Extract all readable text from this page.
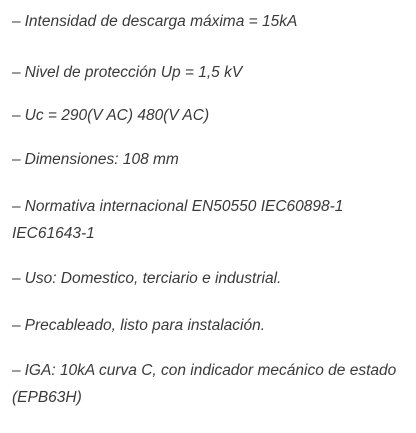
– Intensidad de descarga máxima = 15kA
– Nivel de protección Up = 1,5 kV
– Uc = 290(V AC) 480(V AC)
– Dimensiones: 108 mm
– Normativa internacional EN50550 IEC60898-1 IEC61643-1
– Uso: Domestico, terciario e industrial.
– Precableado, listo para instalación.
– IGA: 10kA curva C, con indicador mecánico de estado (EPB63H)
